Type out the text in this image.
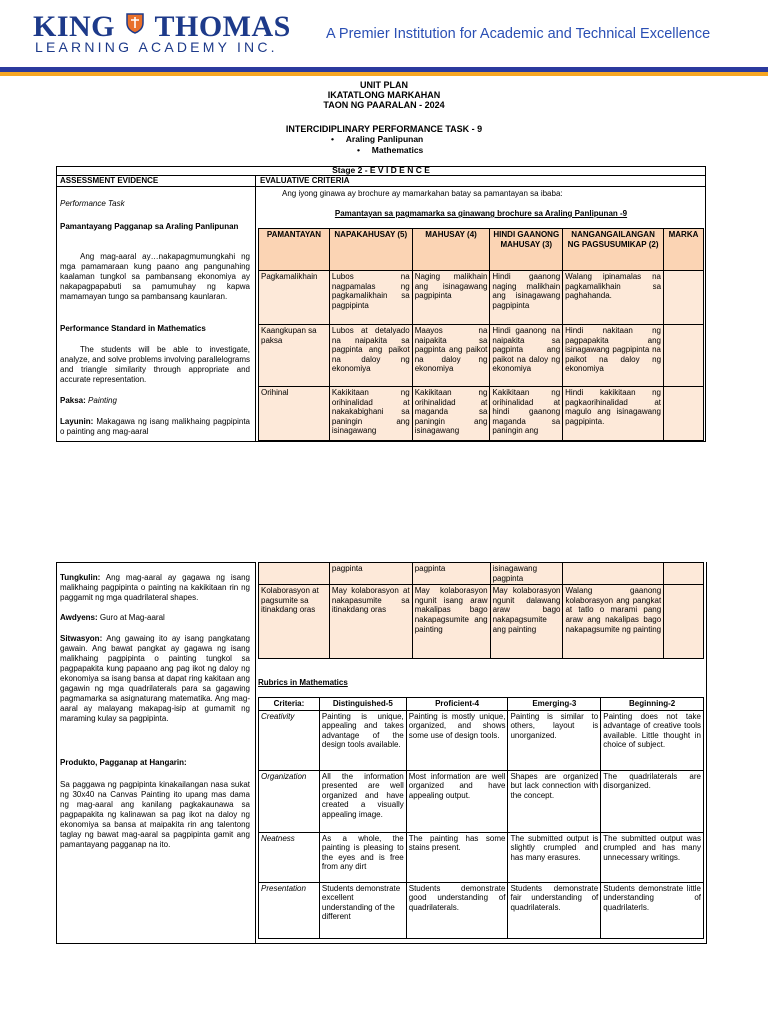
KING THOMAS
LEARNING ACADEMY INC.
A Premier Institution for Academic and Technical Excellence
UNIT PLAN
IKATATLONG MARKAHAN
TAON NG PAARALAN - 2024
INTERCIDIPLINARY PERFORMANCE TASK - 9
•     Araling Panlipunan
•     Mathematics
Stage 2 - E V I D E N C E
ASSESSMENT EVIDENCE	EVALUATIVE CRITERIA
Performance Task
Pamantayang Pagganap sa Araling Panlipunan
Ang mag-aaral ay…nakapagmumungkahi ng mga pamamaraan kung paano ang pangunahing kaalaman tungkol sa pambansang ekonomiya ay nakapagpapabuti sa pamumuhay ng kapwa mamamayan tungo sa pambansang kaunlaran.
Performance Standard in Mathematics
The students will be able to investigate, analyze, and solve problems involving parallelograms and triangle similarity through appropriate and accurate representation.
Paksa: Painting
Layunin: Makagawa ng isang malikhaing pagpipinta o painting ang mag-aaral
Ang iyong ginawa ay brochure ay mamarkahan batay sa pamantayan sa ibaba:
Pamantayan sa pagmamarka sa ginawang brochure sa Araling Panlipunan -9
PAMANTAYAN	NAPAKAHUSAY (5)	MAHUSAY (4)	HINDI GAANONG MAHUSAY (3)	NANGANGAILANGAN NG PAGSUSUMIKAP (2)	MARKA
Pagkamalikhain	Lubos na nagpamalas ng pagkamalikhain sa pagpipinta	Naging malikhain ang isinagawang pagpipinta	Hindi gaanong naging malikhain ang isinagawang pagpipinta	Walang ipinamalas na pagkamalikhain sa paghahanda.	
Kaangkupan sa paksa	Lubos at detalyado na naipakita sa pagpinta ang paikot na daloy ng ekonomiya	Maayos na naipakita sa pagpinta ang paikot na daloy ng ekonomiya	Hindi gaanong na naipakita sa pagpinta ang paikot na daloy ng ekonomiya	Hindi nakitaan ng pagpapakita ang isinagawang pagpipinta na paikot na daloy ng ekonomiya	
Orihinal	Kakikitaan ng orihinalidad at nakakabighani sa paningin ang isinagawang	Kakikitaan ng orihinalidad at maganda sa paningin ang isinagawang	Kakikitaan ng orihinalidad at hindi gaanong maganda sa paningin ang	Hindi kakikitaan ng pagkaorihinalidad at magulo ang isinagawang pagpipinta.	
Tungkulin: Ang mag-aaral ay gagawa ng isang malikhaing pagpipinta o painting na kakikitaan rin ng paggamit ng mga quadrilateral shapes.
Awdyens: Guro at Mag-aaral
Sitwasyon: Ang gawaing ito ay isang pangkatang gawain. Ang bawat pangkat ay gagawa ng isang malikhaing pagpipinta o painting tungkol sa pagpapakita kung papaano ang pag ikot ng daloy ng ekonomiya sa isang bansa at dapat ring kakitaan ang gagawin ng mga quadrilaterals para sa gagawing pagmamarka sa asignaturang matematika. Ang mag-aaral ay malayang makapag-isip at gumamit ng maraming kulay sa pagpipinta.
Produkto, Pagganap at Hangarin:
Sa paggawa ng pagpipinta kinakailangan nasa sukat ng 30x40 na Canvas Painting ito upang mas dama ng mag-aaral ang kanilang pagkakaunawa sa pagpapakita ng kalinawan sa pag ikot na daloy ng ekonomiya sa bansa at maipakita rin ang talentong taglay ng bawat mag-aaral sa pagpipinta gamit ang pamantayang pagganap na ito.
	pagpinta	pagpinta	isinagawang pagpinta		
Kolaborasyon at pagsumite sa itinakdang oras	May kolaborasyon at nakapasumite sa itinakdang oras	May kolaborasyon ngunit isang araw makalipas bago nakapagsumite ang painting	May kolaborasyon ngunit dalawang araw bago nakapagsumite ang painting	Walang gaanong kolaborasyon ang pangkat at tatlo o marami pang araw ang nakalipas bago nakapagsumite ng painting	
Rubrics in Mathematics
Criteria:	Distinguished-5	Proficient-4	Emerging-3	Beginning-2
Creativity	Painting is unique, appealing and takes advantage of the design tools available.	Painting is mostly unique, organized, and shows some use of design tools.	Painting is similar to others, layout is unorganized.	Painting does not take advantage of creative tools available. Little thought in choice of subject.
Organization	All the information presented are well organized and have created a visually appealing image.	Most information are well organized and have appealing output.	Shapes are organized but lack connection with the concept.	The quadrilaterals are disorganized.
Neatness	As a whole, the painting is pleasing to the eyes and is free from any dirt	The painting has some stains present.	The submitted output is slightly crumpled and has many erasures.	The submitted output was crumpled and has many unnecessary writings.
Presentation	Students demonstrate excellent understanding of the different	Students demonstrate good understanding of quadrilaterals.	Students demonstrate fair understanding of quadrilaterals.	Students demonstrate little understanding of quadrilaterls.
